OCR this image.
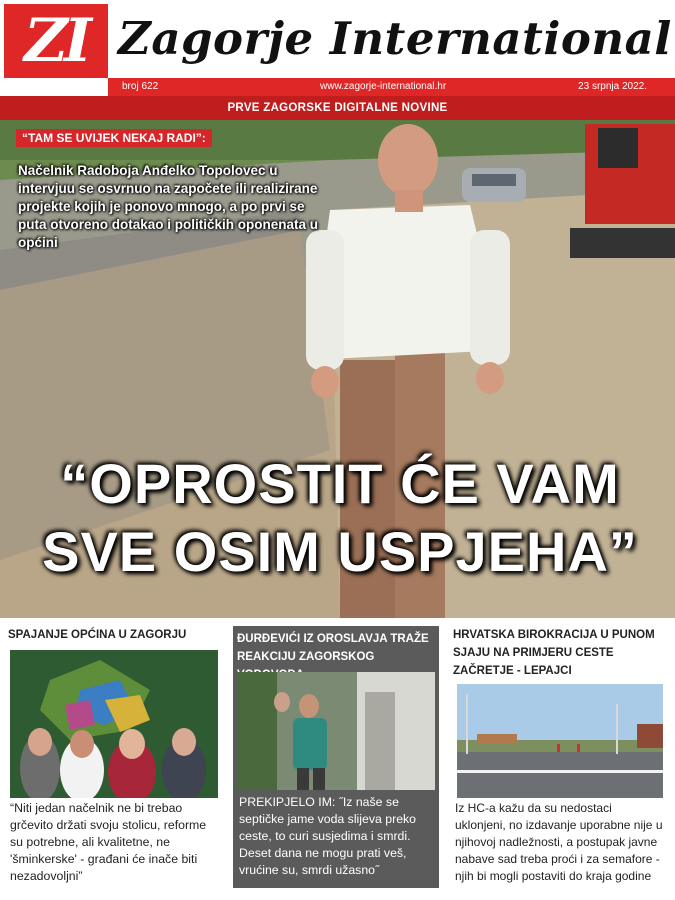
ZI Zagorje International
broj 622	www.zagorje-international.hr	23 srpnja 2022.
PRVE ZAGORSKE DIGITALNE NOVINE
“TAM SE UVIJEK NEKAJ RADI”:
Načelnik Radoboja Anđelko Topolovec u intervjuu se osvrnuo na započete ili realizirane projekte kojih je ponovo mnogo, a po prvi se puta otvoreno dotakao i političkih oponenata u općini
“OPROSTIT ĆE VAM
SVE OSIM USPJEHA”
SPAJANJE OPĆINA U ZAGORJU
“Niti jedan načelnik ne bi trebao grčevito držati svoju stolicu, reforme su potrebne, ali kvalitetne, ne 'šminkerske' - građani će inače biti nezadovoljni”
ĐURĐEVIĆI IZ OROSLAVJA TRAŽE REAKCIJU ZAGORSKOG
PREKIPJELO IM: ˝Iz naše se septičke jame voda slijeva preko ceste, to curi susjedima i smrdi. Deset dana ne mogu prati veš, vrućine su, smrdi užasno˝
HRVATSKA BIROKRACIJA U PUNOM SJAJU NA PRIMJERU CESTE ZAČRETJE - LEPAJCI
Iz HC-a kažu da su nedostaci uklonjeni, no izdavanje uporabne nije u njihovoj nadležnosti, a postupak javne nabave sad treba proći i za semafore - njih bi mogli postaviti do kraja godine
